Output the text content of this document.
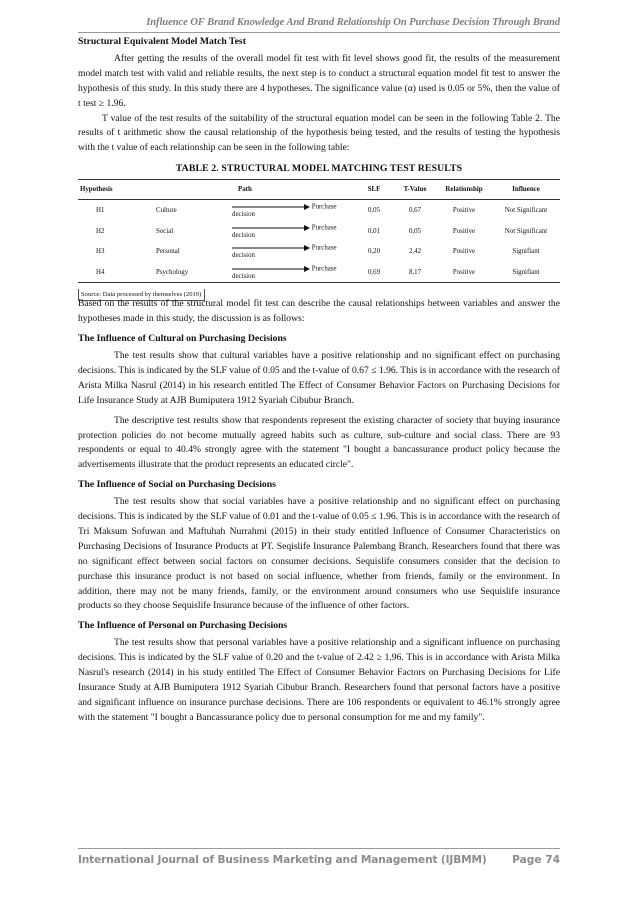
Influence OF Brand Knowledge And Brand Relationship On Purchase Decision Through Brand
Structural Equivalent Model Match Test

After getting the results of the overall model fit test with fit level shows good fit, the results of the measurement model match test with valid and reliable results, the next step is to conduct a structural equation model fit test to answer the hypothesis of this study. In this study there are 4 hypotheses. The significance value (α) used is 0.05 or 5%, then the value of t test ≥ 1.96.

T value of the test results of the suitability of the structural equation model can be seen in the following Table 2. The results of t arithmetic show the causal relationship of the hypothesis being tested, and the results of testing the hypothesis with the t value of each relationship can be seen in the following table:

TABLE 2. STRUCTURAL MODEL MATCHING TEST RESULTS
Hypothesis		Path	SLF	T-Value	Relationship	Influence
H1	Culture	Purchase decision	0,05	0,67	Positive	Not Significant
H2	Social	Purchase decision	0,01	0,05	Positive	Not Significant
H3	Personal	Purchase decision	0,20	2,42	Positive	Signifiant
H4	Psychology	Purchase decision	0,69	8,17	Positive	Signifiant
Source: Data processed by themselves (2019)

Based on the results of the structural model fit test can describe the causal relationships between variables and answer the hypotheses made in this study, the discussion is as follows:

The Influence of Cultural on Purchasing Decisions

The test results show that cultural variables have a positive relationship and no significant effect on purchasing decisions. This is indicated by the SLF value of 0.05 and the t-value of 0.67 ≤ 1.96. This is in accordance with the research of Arista Milka Nasrul (2014) in his research entitled The Effect of Consumer Behavior Factors on Purchasing Decisions for Life Insurance Study at AJB Bumiputera 1912 Syariah Cibubur Branch.

The descriptive test results show that respondents represent the existing character of society that buying insurance protection policies do not become mutually agreed habits such as culture, sub-culture and social class. There are 93 respondents or equal to 40.4% strongly agree with the statement "I bought a bancassurance product policy because the advertisements illustrate that the product represents an educated circle".

The Influence of Social on Purchasing Decisions

The test results show that social variables have a positive relationship and no significant effect on purchasing decisions. This is indicated by the SLF value of 0.01 and the t-value of 0.05 ≤ 1.96. This is in accordance with the research of Tri Maksum Sofuwan and Maftuhah Nurrahmi (2015) in their study entitled Influence of Consumer Characteristics on Purchasing Decisions of Insurance Products at PT. Seqislife Insurance Palembang Branch. Researchers found that there was no significant effect between social factors on consumer decisions. Sequislife consumers consider that the decision to purchase this insurance product is not based on social influence, whether from friends, family or the environment. In addition, there may not be many friends, family, or the environment around consumers who use Sequislife insurance products so they choose Sequislife Insurance because of the influence of other factors.

The Influence of Personal on Purchasing Decisions

The test results show that personal variables have a positive relationship and a significant influence on purchasing decisions. This is indicated by the SLF value of 0.20 and the t-value of 2.42 ≥ 1.96. This is in accordance with Arista Milka Nasrul's research (2014) in his study entitled The Effect of Consumer Behavior Factors on Purchasing Decisions for Life Insurance Study at AJB Bumiputera 1912 Syariah Cibubur Branch. Researchers found that personal factors have a positive and significant influence on insurance purchase decisions. There are 106 respondents or equivalent to 46.1% strongly agree with the statement "I bought a Bancassurance policy due to personal consumption for me and my family".

International Journal of Business Marketing and Management (IJBMM) Page 74
